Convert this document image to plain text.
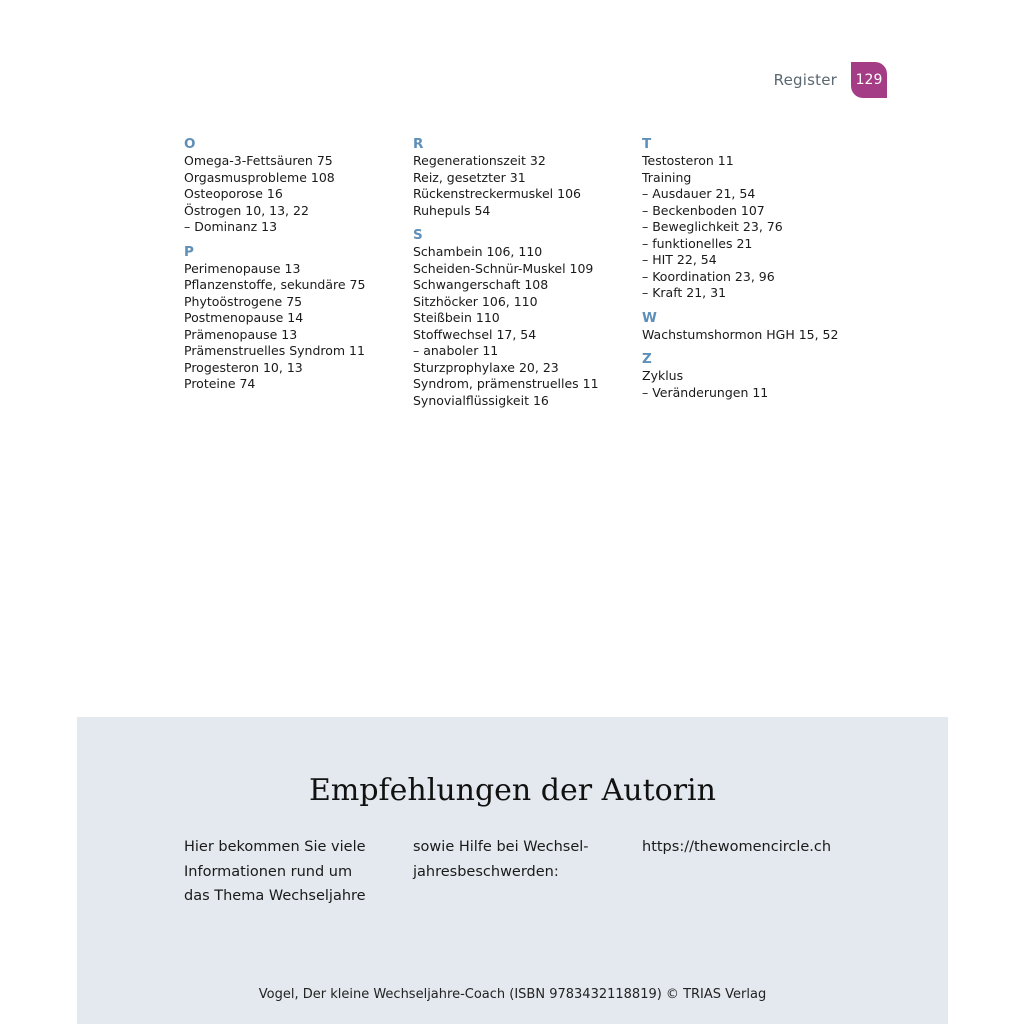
Register	129
O
Omega-3-Fettsäuren 75
Orgasmusprobleme 108
Osteoporose 16
Östrogen 10, 13, 22
– Dominanz 13
P
Perimenopause 13
Pflanzenstoffe, sekundäre 75
Phytoöstrogene 75
Postmenopause 14
Prämenopause 13
Prämenstruelles Syndrom 11
Progesteron 10, 13
Proteine 74
R
Regenerationszeit 32
Reiz, gesetzter 31
Rückenstreckermuskel 106
Ruhepuls 54
S
Schambein 106, 110
Scheiden-Schnür-Muskel 109
Schwangerschaft 108
Sitzhöcker 106, 110
Steißbein 110
Stoffwechsel 17, 54
– anaboler 11
Sturzprophylaxe 20, 23
Syndrom, prämenstruelles 11
Synovialflüssigkeit 16
T
Testosteron 11
Training
– Ausdauer 21, 54
– Beckenboden 107
– Beweglichkeit 23, 76
– funktionelles 21
– HIT 22, 54
– Koordination 23, 96
– Kraft 21, 31
W
Wachstumshormon HGH 15, 52
Z
Zyklus
– Veränderungen 11
Empfehlungen der Autorin
Hier bekommen Sie viele
Informationen rund um
das Thema Wechseljahre
sowie Hilfe bei Wechsel-
jahresbeschwerden:
https://thewomencircle.ch
Vogel, Der kleine Wechseljahre-Coach (ISBN 9783432118819) © TRIAS Verlag
